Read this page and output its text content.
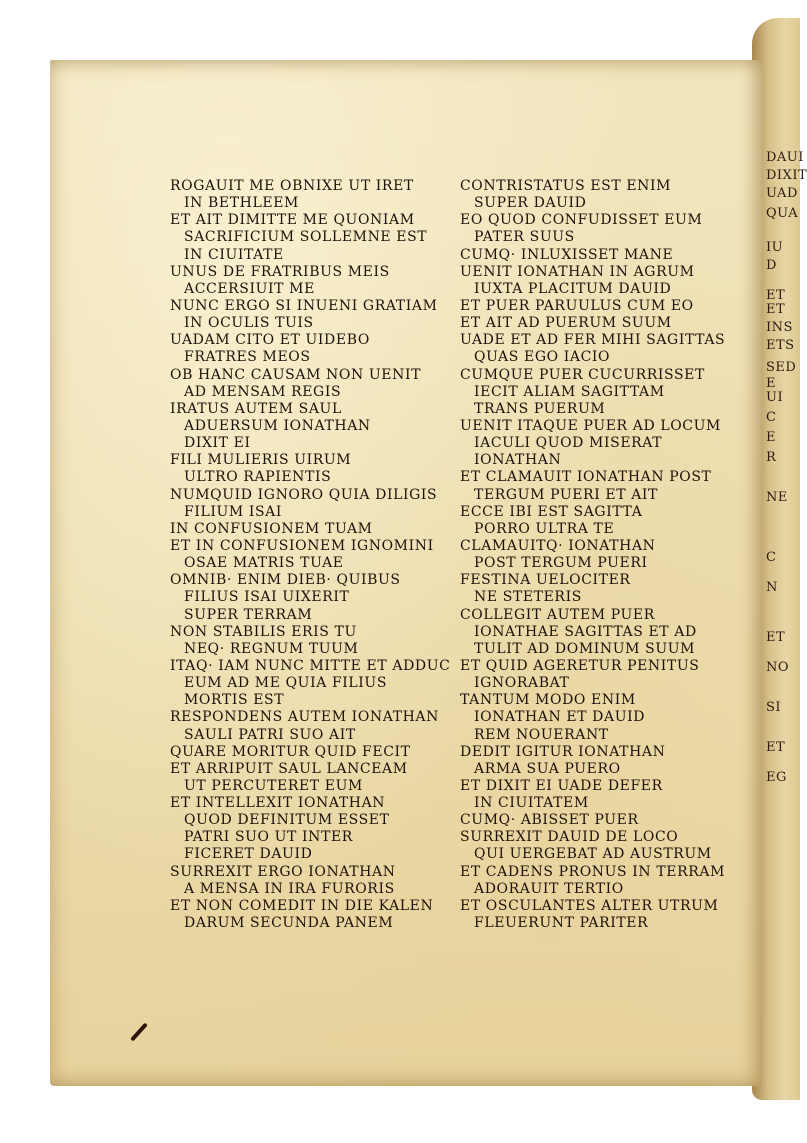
DAUI
DIXIT
UAD
QUA
IU
D
ET
ET
INS
ETS
SED
E
UI
C
E
R
NE
C
N
ET
NO
SI
ET
EG
ROGAUIT ME OBNIXE UT IRET
IN BETHLEEM
ET AIT DIMITTE ME QUONIAM
SACRIFICIUM SOLLEMNE EST
IN CIUITATE
UNUS DE FRATRIBUS MEIS
ACCERSIUIT ME
NUNC ERGO SI INUENI GRATIAM
IN OCULIS TUIS
UADAM CITO ET UIDEBO
FRATRES MEOS
OB HANC CAUSAM NON UENIT
AD MENSAM REGIS
IRATUS AUTEM SAUL
ADUERSUM IONATHAN
DIXIT EI
FILI MULIERIS UIRUM
ULTRO RAPIENTIS
NUMQUID IGNORO QUIA DILIGIS
FILIUM ISAI
IN CONFUSIONEM TUAM
ET IN CONFUSIONEM IGNOMINI
OSAE MATRIS TUAE
OMNIB· ENIM DIEB· QUIBUS
FILIUS ISAI UIXERIT
SUPER TERRAM
NON STABILIS ERIS TU
NEQ· REGNUM TUUM
ITAQ· IAM NUNC MITTE ET ADDUC
EUM AD ME QUIA FILIUS
MORTIS EST
RESPONDENS AUTEM IONATHAN
SAULI PATRI SUO AIT
QUARE MORITUR QUID FECIT
ET ARRIPUIT SAUL LANCEAM
UT PERCUTERET EUM
ET INTELLEXIT IONATHAN
QUOD DEFINITUM ESSET
PATRI SUO UT INTER
FICERET DAUID
SURREXIT ERGO IONATHAN
A MENSA IN IRA FURORIS
ET NON COMEDIT IN DIE KALEN
DARUM SECUNDA PANEM
CONTRISTATUS EST ENIM
SUPER DAUID
EO QUOD CONFUDISSET EUM
PATER SUUS
CUMQ· INLUXISSET MANE
UENIT IONATHAN IN AGRUM
IUXTA PLACITUM DAUID
ET PUER PARUULUS CUM EO
ET AIT AD PUERUM SUUM
UADE ET AD FER MIHI SAGITTAS
QUAS EGO IACIO
CUMQUE PUER CUCURRISSET
IECIT ALIAM SAGITTAM
TRANS PUERUM
UENIT ITAQUE PUER AD LOCUM
IACULI QUOD MISERAT
IONATHAN
ET CLAMAUIT IONATHAN POST
TERGUM PUERI ET AIT
ECCE IBI EST SAGITTA
PORRO ULTRA TE
CLAMAUITQ· IONATHAN
POST TERGUM PUERI
FESTINA UELOCITER
NE STETERIS
COLLEGIT AUTEM PUER
IONATHAE SAGITTAS ET AD
TULIT AD DOMINUM SUUM
ET QUID AGERETUR PENITUS
IGNORABAT
TANTUM MODO ENIM
IONATHAN ET DAUID
REM NOUERANT
DEDIT IGITUR IONATHAN
ARMA SUA PUERO
ET DIXIT EI UADE DEFER
IN CIUITATEM
CUMQ· ABISSET PUER
SURREXIT DAUID DE LOCO
QUI UERGEBAT AD AUSTRUM
ET CADENS PRONUS IN TERRAM
ADORAUIT TERTIO
ET OSCULANTES ALTER UTRUM
FLEUERUNT PARITER
